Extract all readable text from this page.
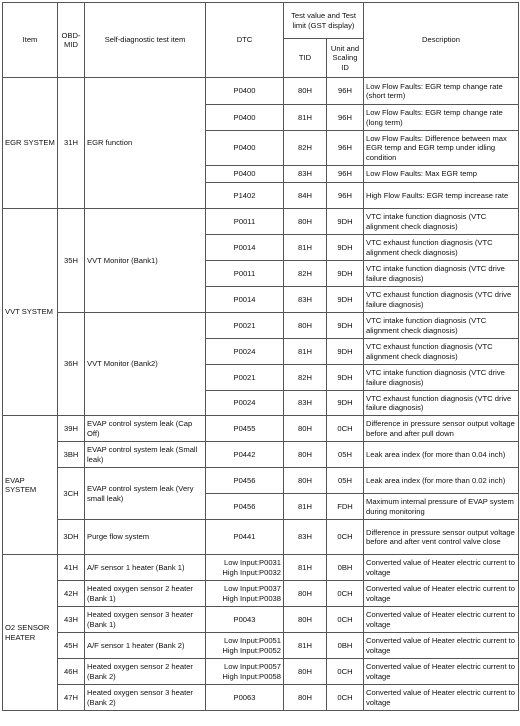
Item	OBD-MID	Self-diagnostic test item	DTC	Test value and Test limit (GST display)		Description
				TID	Unit and Scaling ID	
EGR SYSTEM	31H	EGR function	P0400	80H	96H	Low Flow Faults: EGR temp change rate (short term)
			P0400	81H	96H	Low Flow Faults: EGR temp change rate (long term)
			P0400	82H	96H	Low Flow Faults: Difference between max EGR temp and EGR temp under idling condition
			P0400	83H	96H	Low Flow Faults: Max EGR temp
			P1402	84H	96H	High Flow Faults: EGR temp increase rate
VVT SYSTEM	35H	VVT Monitor (Bank1)	P0011	80H	9DH	VTC intake function diagnosis (VTC alignment check diagnosis)
			P0014	81H	9DH	VTC exhaust function diagnosis (VTC alignment check diagnosis)
			P0011	82H	9DH	VTC intake function diagnosis (VTC drive failure diagnosis)
			P0014	83H	9DH	VTC exhaust function diagnosis (VTC drive failure diagnosis)
	36H	VVT Monitor (Bank2)	P0021	80H	9DH	VTC intake function diagnosis (VTC alignment check diagnosis)
			P0024	81H	9DH	VTC exhaust function diagnosis (VTC alignment check diagnosis)
			P0021	82H	9DH	VTC intake function diagnosis (VTC drive failure diagnosis)
			P0024	83H	9DH	VTC exhaust function diagnosis (VTC drive failure diagnosis)
EVAP SYSTEM	39H	EVAP control system leak (Cap Off)	P0455	80H	0CH	Difference in pressure sensor output voltage before and after pull down
	3BH	EVAP control system leak (Small leak)	P0442	80H	05H	Leak area index (for more than 0.04 inch)
	3CH	EVAP control system leak (Very small leak)	P0456	80H	05H	Leak area index (for more than 0.02 inch)
			P0456	81H	FDH	Maximum internal pressure of EVAP system during monitoring
	3DH	Purge flow system	P0441	83H	0CH	Difference in pressure sensor output voltage before and after vent control valve close
O2 SENSOR HEATER	41H	A/F sensor 1 heater (Bank 1)	Low Input:P0031 High Input:P0032	81H	0BH	Converted value of Heater electric current to voltage
	42H	Heated oxygen sensor 2 heater (Bank 1)	Low Input:P0037 High Input:P0038	80H	0CH	Converted value of Heater electric current to voltage
	43H	Heated oxygen sensor 3 heater (Bank 1)	P0043	80H	0CH	Converted value of Heater electric current to voltage
	45H	A/F sensor 1 heater (Bank 2)	Low Input:P0051 High Input:P0052	81H	0BH	Converted value of Heater electric current to voltage
	46H	Heated oxygen sensor 2 heater (Bank 2)	Low Input:P0057 High Input:P0058	80H	0CH	Converted value of Heater electric current to voltage
	47H	Heated oxygen sensor 3 heater (Bank 2)	P0063	80H	0CH	Converted value of Heater electric current to voltage
